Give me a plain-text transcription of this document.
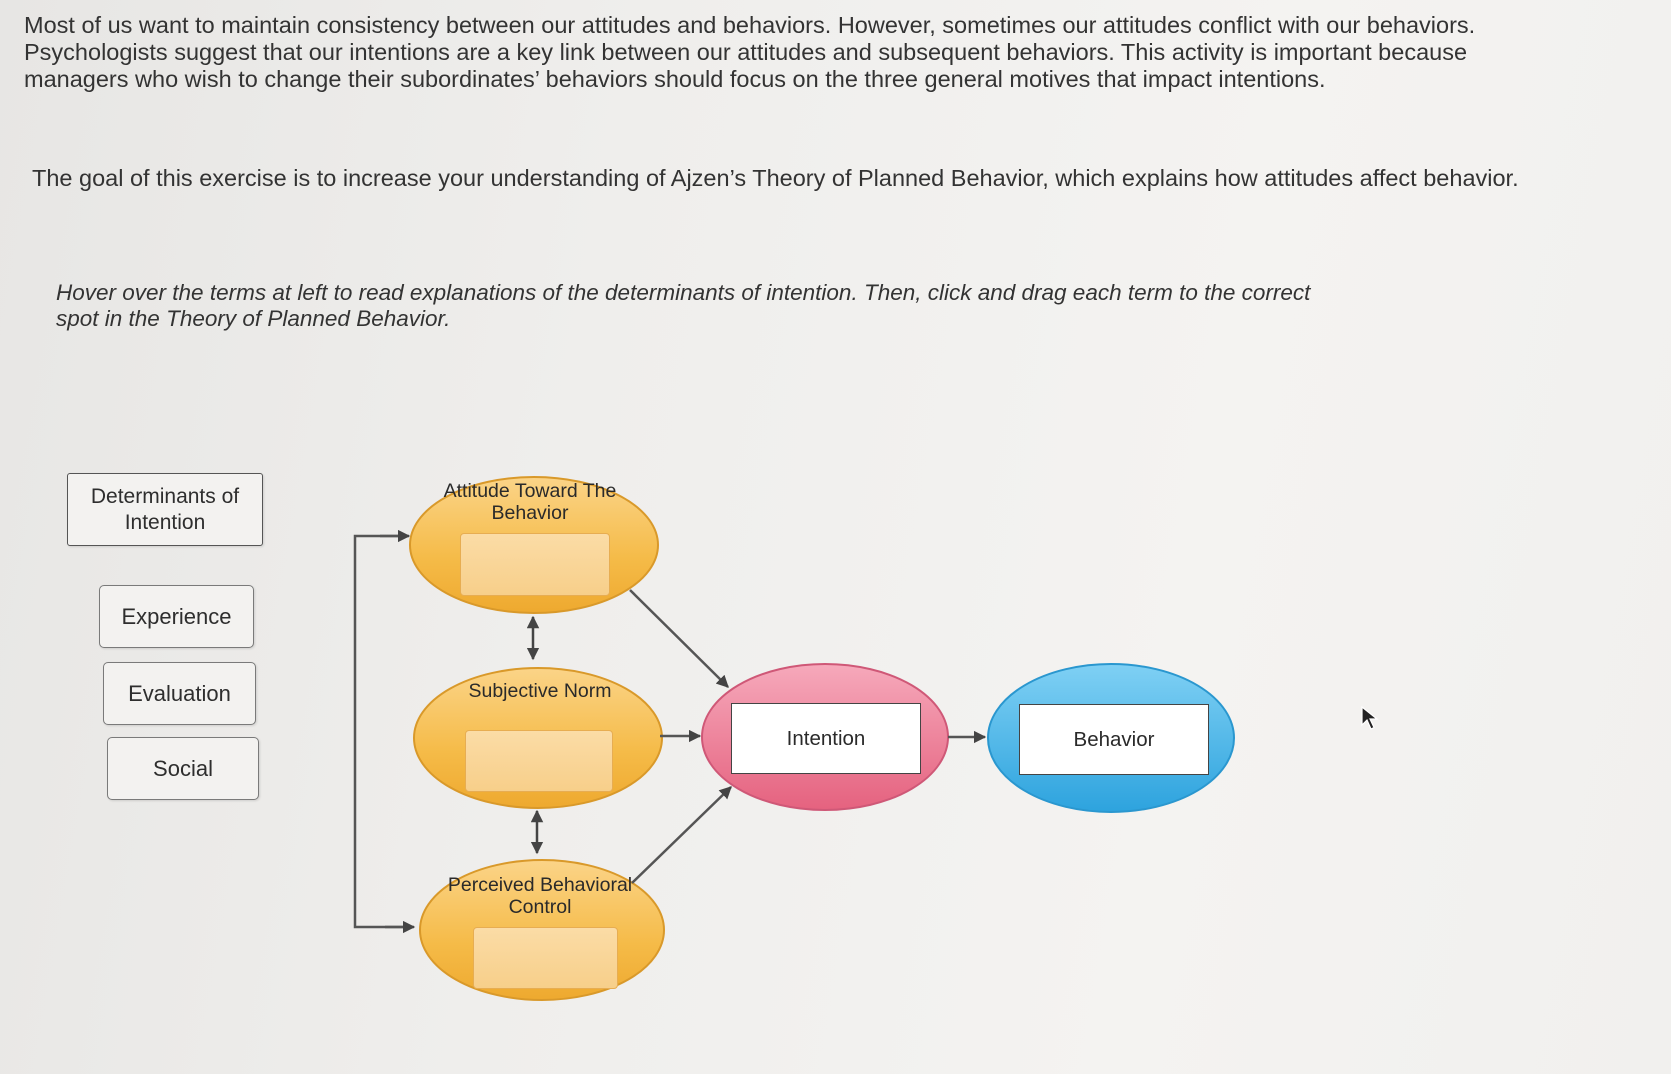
Most of us want to maintain consistency between our attitudes and behaviors. However, sometimes our attitudes conflict with our behaviors. Psychologists suggest that our intentions are a key link between our attitudes and subsequent behaviors. This activity is important because managers who wish to change their subordinates’ behaviors should focus on the three general motives that impact intentions.

The goal of this exercise is to increase your understanding of Ajzen’s Theory of Planned Behavior, which explains how attitudes affect behavior.

Hover over the terms at left to read explanations of the determinants of intention. Then, click and drag each term to the correct spot in the Theory of Planned Behavior.

Determinants of Intention
Experience
Evaluation
Social
Attitude Toward The Behavior
Subjective Norm
Perceived Behavioral Control
Intention	Behavior
